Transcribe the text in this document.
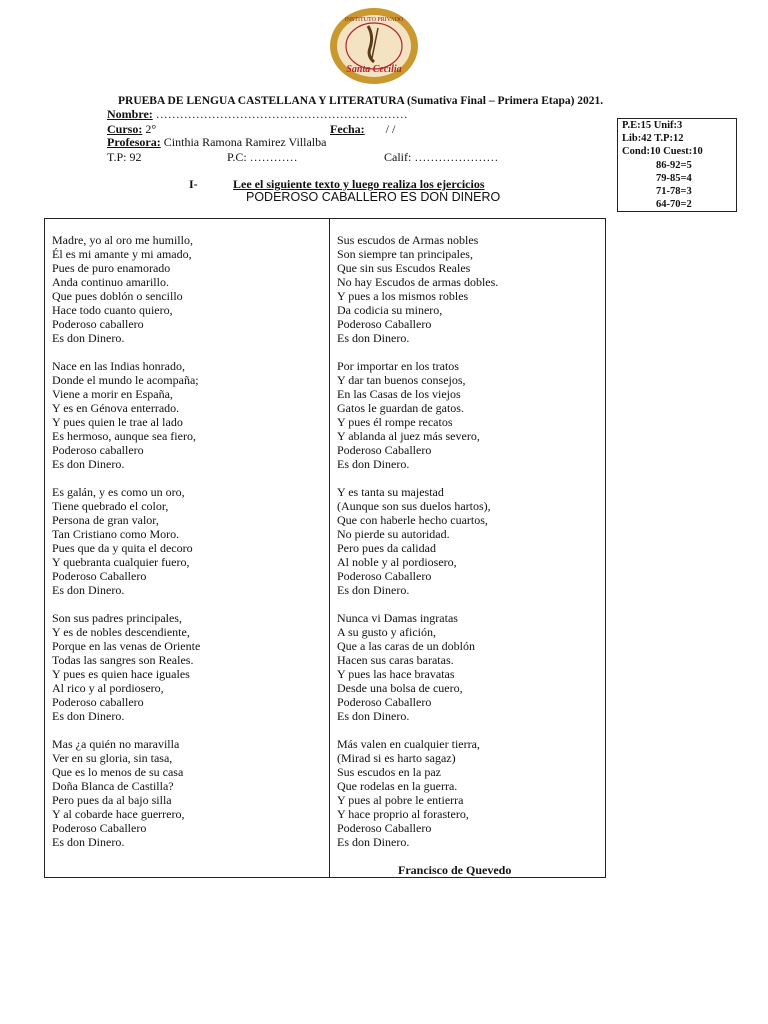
INSTITUTO PRIVADO
Santa Cecilia
PRUEBA DE LENGUA CASTELLANA Y LITERATURA (Sumativa Final – Primera Etapa) 2021.
Nombre: ………………………………………………………
Curso: 2°	Fecha: / /
Profesora: Cinthia Ramona Ramirez Villalba
T.P: 92	P.C: …………	Calif: …………………
P.E:15 Unif:3
Lib:42 T.P:12
Cond:10 Cuest:10
86-92=5
79-85=4
71-78=3
64-70=2
I-	Lee el siguiente texto y luego realiza los ejercicios
PODEROSO CABALLERO ES DON DINERO
Madre, yo al oro me humillo,
Él es mi amante y mi amado,
Pues de puro enamorado
Anda continuo amarillo.
Que pues doblón o sencillo
Hace todo cuanto quiero,
Poderoso caballero
Es don Dinero.
Nace en las Indias honrado,
Donde el mundo le acompaña;
Viene a morir en España,
Y es en Génova enterrado.
Y pues quien le trae al lado
Es hermoso, aunque sea fiero,
Poderoso caballero
Es don Dinero.
Es galán, y es como un oro,
Tiene quebrado el color,
Persona de gran valor,
Tan Cristiano como Moro.
Pues que da y quita el decoro
Y quebranta cualquier fuero,
Poderoso Caballero
Es don Dinero.
Son sus padres principales,
Y es de nobles descendiente,
Porque en las venas de Oriente
Todas las sangres son Reales.
Y pues es quien hace iguales
Al rico y al pordiosero,
Poderoso caballero
Es don Dinero.
Mas ¿a quién no maravilla
Ver en su gloria, sin tasa,
Que es lo menos de su casa
Doña Blanca de Castilla?
Pero pues da al bajo silla
Y al cobarde hace guerrero,
Poderoso Caballero
Es don Dinero.
Sus escudos de Armas nobles
Son siempre tan principales,
Que sin sus Escudos Reales
No hay Escudos de armas dobles.
Y pues a los mismos robles
Da codicia su minero,
Poderoso Caballero
Es don Dinero.
Por importar en los tratos
Y dar tan buenos consejos,
En las Casas de los viejos
Gatos le guardan de gatos.
Y pues él rompe recatos
Y ablanda al juez más severo,
Poderoso Caballero
Es don Dinero.
Y es tanta su majestad
(Aunque son sus duelos hartos),
Que con haberle hecho cuartos,
No pierde su autoridad.
Pero pues da calidad
Al noble y al pordiosero,
Poderoso Caballero
Es don Dinero.
Nunca vi Damas ingratas
A su gusto y afición,
Que a las caras de un doblón
Hacen sus caras baratas.
Y pues las hace bravatas
Desde una bolsa de cuero,
Poderoso Caballero
Es don Dinero.
Más valen en cualquier tierra,
(Mirad si es harto sagaz)
Sus escudos en la paz
Que rodelas en la guerra.
Y pues al pobre le entierra
Y hace proprio al forastero,
Poderoso Caballero
Es don Dinero.
Francisco de Quevedo
